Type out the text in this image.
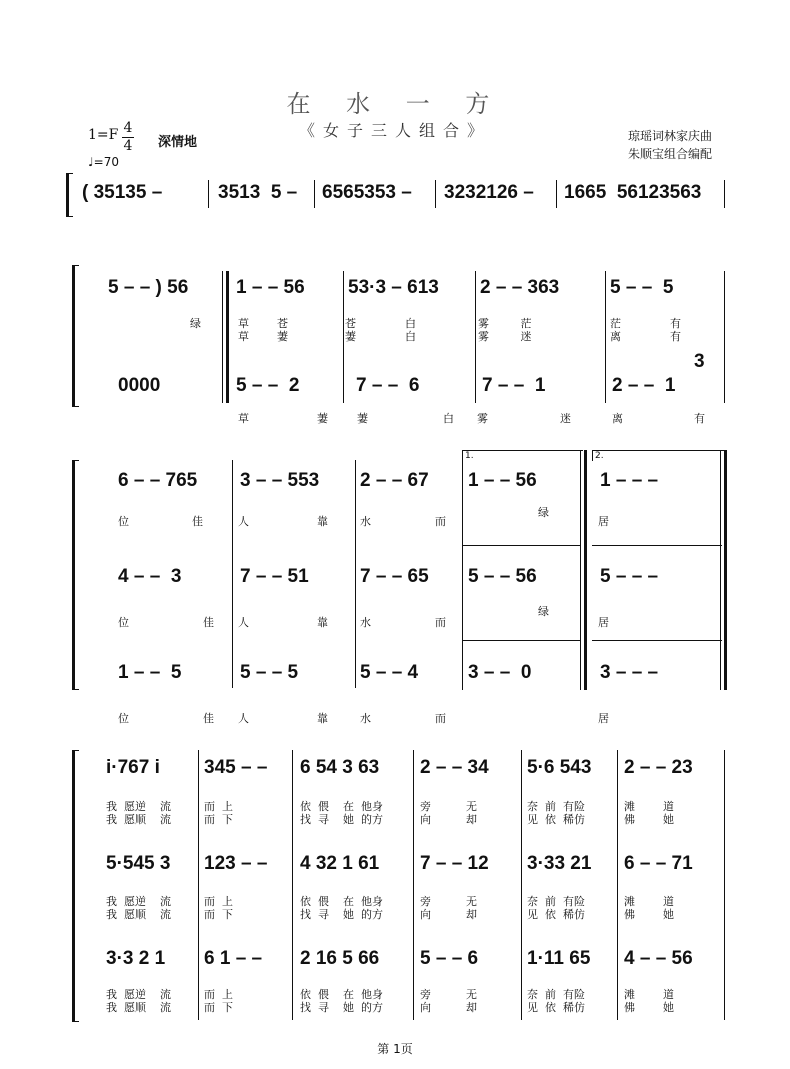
在 水 一 方
《女子三人组合》
1=F 4
4 深情地
♩=70
琼瑶词林家庆曲
朱顺宝组合编配
( 35135 –	3513  5 – 6565353 – 3232126 – 1665  56123563
5 – – ) 56	1 – – 56 53·3 – 613 2 – – 363	5 – –  5
绿	草        苍	苍              白	雾         茫	茫              有
草        萋	萋              白	雾         迷	离              有
3
0000	5 – –  2	7 – –  6	7 – –  1	2 – –  1
草	萋	萋	白 雾	迷	离	有
1.	2.
6 – – 765 3 – – 553 2 – – 67 1 – – 56	1 – – –
位	佳	人	靠	水	而
绿
居
4 – –  3	7 – – 51	7 – – 65 5 – – 56	5 – – –
位	佳 人	靠	水	而
绿
居
1 – –  5	5 – – 5	5 – – 4	3 – –  0	3 – – –
位	佳 人	靠	水	而	居
i·767 i 345 – – 6 54 3 63 2 – – 34 5·6 543 2 – – 23
我  愿逆    流	而  上	依  偎    在  他身	旁          无	奈  前  有险	滩        道
我  愿顺    流	而  下	找  寻    她  的方	向          却	见  依  稀仿	佛        她
5·545 3 123 – – 4 32 1 61 7 – – 12 3·33 21 6 – – 71
我  愿逆    流	而  上	依  偎    在  他身	旁          无	奈  前  有险	滩        道
我  愿顺    流	而  下	找  寻    她  的方	向          却	见  依  稀仿	佛        她
3·3 2 1 6 1 – – 2 16 5 66 5 – – 6	1·11 65 4 – – 56
我  愿逆    流	而  上	依  偎    在  他身	旁          无	奈  前  有险	滩        道
我  愿顺    流	而  下	找  寻    她  的方	向          却	见  依  稀仿	佛        她
第 1页
